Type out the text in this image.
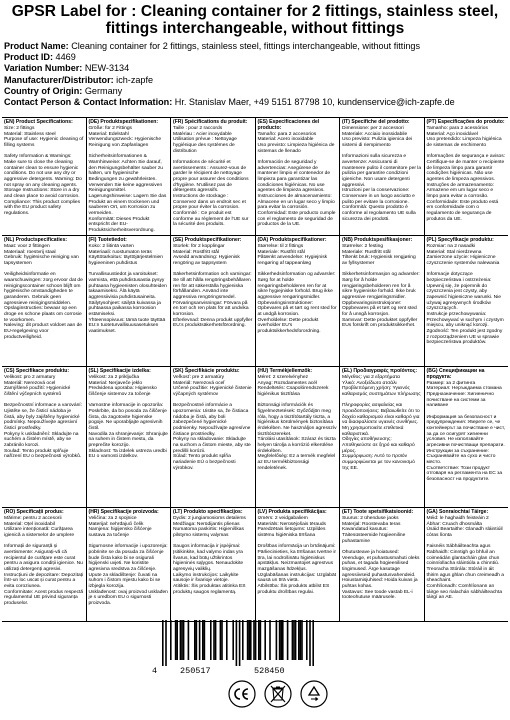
GPSR Label for : Cleaning container for 2 fittings, stainless steel, fittings interchangeable, without fittings
Product Name: Cleaning container for 2 fittings, stainless steel, fittings interchangeable, without fittings
Product ID: 4469
Variation Number: NEW-3134
Manufacturer/Distributor: ich-zapfe
Country of Origin: Germany
Contact Person & Contact Information: Hr. Stanislav Maer, +49 5151 87798 10, kundenservice@ich-zapfe.de
(EN) Product Specifications:

Size: 2 fittings
Material: Stainless steel
Purpose of use: Hygienic cleaning of filling systems

Safety Information & Warnings: Make sure to close the cleaning container clean to ensure hygienic conditions. Do not use any dry or aggressive detergents. Warning: Do not spray on any cleaning agents.
Storage Instructions: Store in a dry and clean place to avoid corrosion.
Compliance: This product complies with the EU product safety regulations.

(DE) Produktspezifikationen:

Größe: für 2 Fittings
Material: Edelstahl
Verwendungszweck: Hygienische Reinigung von Zapfanlagen

Sicherheitsinformationen & Warnhinweise: Achten Sie darauf, den Reinigungsbehälter sauber zu halten, um hygienische Bedingungen zu gewährleisten. Verwenden Sie keine aggressiven Reinigungsmittel.
Lagerungshinweise: Lagern Sie das Produkt an einem trockenen und sauberen Ort, um Korrosion zu vermeiden.
Konformität: Dieses Produkt entspricht der EU-Produktsicherheitsverordnung.

(FR) Spécifications du produit:

Taille : pour 2 raccords
Matériau : Acier inoxydable
Utilisation prévue : Nettoyage hygiénique des systèmes de distribution

Informations de sécurité et avertissements : Assurez-vous de garder le récipient de nettoyage propre pour assurer des conditions d'hygiène. N'utilisez pas de détergents agressifs.
Instructions de stockage : Conservez dans un endroit sec et propre pour éviter la corrosion.
Conformité : Ce produit est conforme au règlement de l'UE sur la sécurité des produits.

(ES) Especificaciones del producto:

Tamaño: para 2 accesorios
Material: Acero inoxidable
Uso previsto: Limpieza higiénica de sistemas de llenado

Información de seguridad y advertencias: Asegúrese de mantener limpio el contenedor de limpieza para garantizar las condiciones higiénicas. No use agentes de limpieza agresivos.
Instrucciones de almacenamiento: Almacene en un lugar seco y limpio para evitar la corrosión.
Conformidad: Este producto cumple con el reglamento de seguridad de productos de la UE.

(IT) Specifiche del prodotto:

Dimensione: per 2 accessori
Materiale: Acciaio inossidabile
Uso previsto: Pulizia igienica dei sistemi di riempimento

Informazioni sulla sicurezza e avvertenze: Assicurarsi di mantenere pulito il contenitore per la pulizia per garantire condizioni igieniche. Non usare detergenti aggressivi.
Istruzioni per la conservazione: Conservare in un luogo asciutto e pulito per evitare la corrosione.
Conformità: Questo prodotto è conforme al regolamento UE sulla sicurezza dei prodotti.

(PT) Especificações do produto:

Tamanho: para 2 acessórios
Material: Aço inoxidável
Uso pretendido: Limpeza higiénica de sistemas de enchimento

Informações de segurança e avisos: Certifique-se de manter o recipiente de limpeza limpo para garantir condições higiénicas. Não use agentes de limpeza agressivos.
Instruções de armazenamento: Armazene em um lugar seco e limpo para evitar a corrosão.
Conformidade: Este produto está em conformidade com o regulamento de segurança de produtos da UE.

(NL) Productspecificaties:

Maat: voor 2 fittingen
Materiaal: roestvrij staal
Gebruik: hygiënische reiniging van tapsystemen

Veiligheidsinformatie en waarschuwingen: zorg ervoor dat de reinigingscontainer schoon blijft om hygiënische omstandigheden te garanderen. Gebruik geen agressieve reinigingsmiddelen.
Opslaginstructies: bewaar op een droge en schone plaats om corrosie te voorkomen.
Naleving: dit product voldoet aan de EU-regelgeving voor productveiligheid.

(FI) Tuotetiedot:

Koko: 2 liitintä varten
Materiaali: ruostumaton teräs
Käyttötarkoitus: täyttöjärjestelmien hygieeninen puhdistus

Turvallisuustiedot ja varoitukset: varmista, että puhdistusastia pysyy puhtaana hygieenisten olosuhteiden takaamiseksi. Älä käytä aggressiivisia puhdistusaineita.
Säilytysohjeet: säilytä kuivassa ja puhtaassa paikassa korroosion estämiseksi.
Yhteensopivuus: tämä tuote täyttää EU:n tuoteturvallisuusasetuksen vaatimukset.

(SE) Produktspecifikationer:

Storlek: för 2 kopplingar
Material: Rostfritt stål
Avsedd användning: Hygienisk rengöring av tappsystem

Säkerhetsinformation och varningar: Se till att hålla rengöringsbehållaren ren för att säkerställa hygieniska förhållanden. Använd inte aggressiva rengöringsmedel.
Förvaringsanvisningar: Förvara på en torr och ren plats för att undvika korrosion.
Efterlevnad: Denna produkt uppfyller EU:s produktsäkerhetsförordning.

(DA) Produktspecifikationer:

Størrelse: til 2 fittings
Materiale: Rustfrit stål
Påtænkt anvendelse: Hygiejnisk rengøring af tappeanlæg

Sikkerhedsinformation og advarsler: Sørg for at holde rengøringsbeholderen ren for at sikre hygiejniske forhold. Brug ikke aggressive rengøringsmidler.
Opbevaringsinstruktioner: Opbevares på et tørt og rent sted for at undgå korrosion.
Overholdelse: Dette produkt overholder EU's produktsikkerhedsforordning.

(NB) Produktspesifikasjoner:

Størrelse: 2 festing
Materiale: Rustfritt stål
Tiltenkt bruk: Hygienisk rengjøring av fyllsystemer

Sikkerhetsinformasjon og advarsler: Sørg for å holde rengjøringsbeholderen ren for å sikre hygieniske forhold. Ikke bruk aggressive rengjøringsmidler.
Oppbevaringsinstruksjoner: Oppbevares på et tørt og rent sted for å unngå korrosjon.
Samsvar: Dette produktet oppfyller EUs forskrift om produktsikkerhet.

(PL) Specyfikacje produktu:

Rozmiar: na 2 nasadki
Materiał: Stal nierdzewna
Zamierzone użycie: Higieniczne czyszczenie systemów nalewania

Informacje dotyczące bezpieczeństwa i ostrzeżenia: Upewnij się, że pojemnik do czyszczenia jest czysty, aby zapewnić higieniczne warunki. Nie używaj agresywnych środków czyszczących.
Instrukcje przechowywania: Przechowywać w suchym i czystym miejscu, aby uniknąć korozji.
Zgodność: Ten produkt jest zgodny z rozporządzeniem UE w sprawie bezpieczeństwa produktów.

(CS) Specifikace produktu:

Velikost: pro 2 armatury
Materiál: Nerezová ocel
Zamýšlené použití: Hygienické čištění výčepních systémů

Bezpečnostní informace a varování: Ujistěte se, že čisticí nádoba je čistá, aby byly zajištěny hygienické podmínky. Nepoužívejte agresivní čisticí prostředky.
Pokyny k uskladnění: Skladujte na suchém a čistém místě, aby se zabránilo korozi.
Soulad: Tento produkt splňuje nařízení EU o bezpečnosti výrobků.

(SL) Specifikacije izdelka:

Velikost: za 2 priključka
Material: Nerjaveče jeklo
Predvidena uporaba: Higiensko čiščenje sistemov za točenje

Varnostne informacije in opozorila: Poskrbite, da bo posoda za čiščenje čista, da zagotovite higienske pogoje. Ne uporabljajte agresivnih čistil.
Navodila za shranjevanje: Shranjujte na suhem in čistem mestu, da preprečite korozijo.
Skladnost: Ta izdelek ustreza uredbi EU o varnosti izdelkov.

(SK) Špecifikácie produktu:

Veľkosť: pre 2 armatúry
Materiál: Nerezová oceľ
Určené použitie: Hygienické čistenie výčapných systémov

Bezpečnostné informácie a upozornenia: Uistite sa, že čistiaca nádoba je čistá, aby boli zabezpečené hygienické podmienky. Nepoužívajte agresívne čistiace prostriedky.
Pokyny na skladovanie: Skladujte na suchom a čistom mieste, aby ste predišli korózii.
Súlad: Tento produkt spĺňa nariadenie EÚ o bezpečnosti výrobkov.

(HU) Termékjellemzők:

Méret: 2 szerelvényhez
Anyag: Rozsdamentes acél
Rendeltetés: Csapolórendszerek higiénikus tisztítása

Biztonsági információk és figyelmeztetések: Győződjön meg róla, hogy a tisztítótartály tiszta, a higiénikus körülmények biztosítása érdekében. Ne használjon agresszív tisztítószereket.
Tárolási utasítások: Száraz és tiszta helyen tárolja a korrózió elkerülése érdekében.
Megfelelőség: Ez a termék megfelel az EU termékbiztonsági rendeletének.

(EL) Προδιαγραφές προϊόντος:

Μέγεθος: για 2 εξαρτήματα
Υλικό: Ανοξείδωτο ατσάλι
Προβλεπόμενη χρήση: Υγιεινός καθαρισμός συστημάτων πλήρωσης

Πληροφορίες ασφαλείας και προειδοποιήσεις: Βεβαιωθείτε ότι το δοχείο καθαρισμού είναι καθαρό για να διασφαλίσετε υγιεινές συνθήκες. Μη χρησιμοποιείτε επιθετικά καθαριστικά.
Οδηγίες αποθήκευσης: Αποθηκεύστε σε ξηρό και καθαρό μέρος.
Συμμόρφωση: Αυτό το προϊόν συμμορφώνεται με τον κανονισμό της ΕΕ.

(BG) Спецификации на продукта:

Размер: за 2 фитинга
Материал: Неръждаема стомана
Предназначение: Хигиенично почистване на системи за наливане

Информация за безопасност и предупреждения: Уверете се, че контейнерът за почистване е чист, за да се осигурят хигиенни условия. Не използвайте агресивни почистващи препарати.
Инструкции за съхранение: Съхранявайте на сухо и чисто място.
Съответствие: Този продукт отговаря на регламента на ЕС за безопасност на продуктите.

(RO) Specificații produs:

Mărime: pentru 2 accesorii
Material: Oțel inoxidabil
Utilizare intenționată: Curățarea igienică a sistemelor de umplere

Informații de siguranță și avertismente: Asigurați-vă că recipientul de curățare este curat pentru a asigura condiții igienice. Nu utilizați detergenți agresivi.
Instrucțiuni de depozitare: Depozitați într-un loc uscat și curat pentru a evita coroziunea.
Conformitate: Acest produs respectă regulamentul UE privind siguranța produselor.

(HR) Specifikacije proizvoda:

Veličina: za 2 spojnice
Materijal: nehrđajući čelik
Namjena: higijensko čišćenje sustava za točenje

Sigurnosne informacije i upozorenja: pobrinite se da posuda za čišćenje bude čista kako bi se osigurali higijenski uvjeti. Ne koristite agresivna sredstva za čišćenje.
Upute za skladištenje: čuvati na suhom i čistom mjestu kako bi se izbjegla korozija.
Usklađenost: ovaj proizvod usklađen je s uredbom EU o sigurnosti proizvoda.

(LT) Produkto specifikacijos:

Dydis: 2 jungiamosioms detalėms
Medžiaga: Nerūdijantis plienas
Numatoma paskirtis: Higieniškas pilstymo sistemų valymas

Saugos informacija ir įspėjimai: Įsitikinkite, kad valymo indas yra švarus, kad būtų užtikrintos higieninės sąlygos. Nenaudokite agresyvių valiklių.
Laikymo instrukcijos: Laikykite sausoje ir švarioje vietoje.
Atitiktis: Šis produktas atitinka ES produktų saugos reglamentą.

(LV) Produkta specifikācijas:

Izmērs: 2 veidgabaliem
Materiāls: Nerūsējošais tērauds
Paredzētais lietojums: Uzpildes sistēmu higiēniska tīrīšana

Drošības informācija un brīdinājumi: Pārliecinieties, ka tīrīšanas tvertne ir tīra, lai nodrošinātu higiēniskus apstākļus. Neizmantojiet agresīvus mazgāšanas līdzekļus.
Uzglabāšanas instrukcijas: Uzglabāt sausā un tīrā vietā.
Atbilstība: Šis produkts atbilst ES produktu drošības regulai.

(ET) Toote spetsifikatsioonid:

Suurus: 2 ühenduse jaoks
Materjal: Roostevaba teras
Kavandatud kasutus: Täitesüsteemide hügieeniline puhastamine

Ohutusteave ja hoiatused: Veenduge, et puhastusmahuti oleks puhas, et tagada hügieenilised tingimused. Ärge kasutage agressiivseid puhastusvahendeid.
Hoiustamisjuhised: Hoida kuivas ja puhtas kohas.
Vastavus: See toode vastab EL-i tooteohutuse määrusele.

(GA) Sonraíochtaí Táirge:

Méid: le haghaidh feisteáin 2
Ábhar: Cruach dhosmálta
Úsáid Beartaithe: Glanadh sláintiúil córas líonta

Faisnéis Sábháilteachta agus Rabhaidh: Cinntigh go bhfuil an coimeádán glantacháin glan chun coinníollacha sláintiúla a chinntiú.
Treoracha Stórála: Stóráil in áit thirim agus ghlan chun creimeadh a sheachaint.
Comhlíonadh: Comhlíonann an táirge seo rialachán sábháilteachta táirgí an AE.

4	250517	528450
